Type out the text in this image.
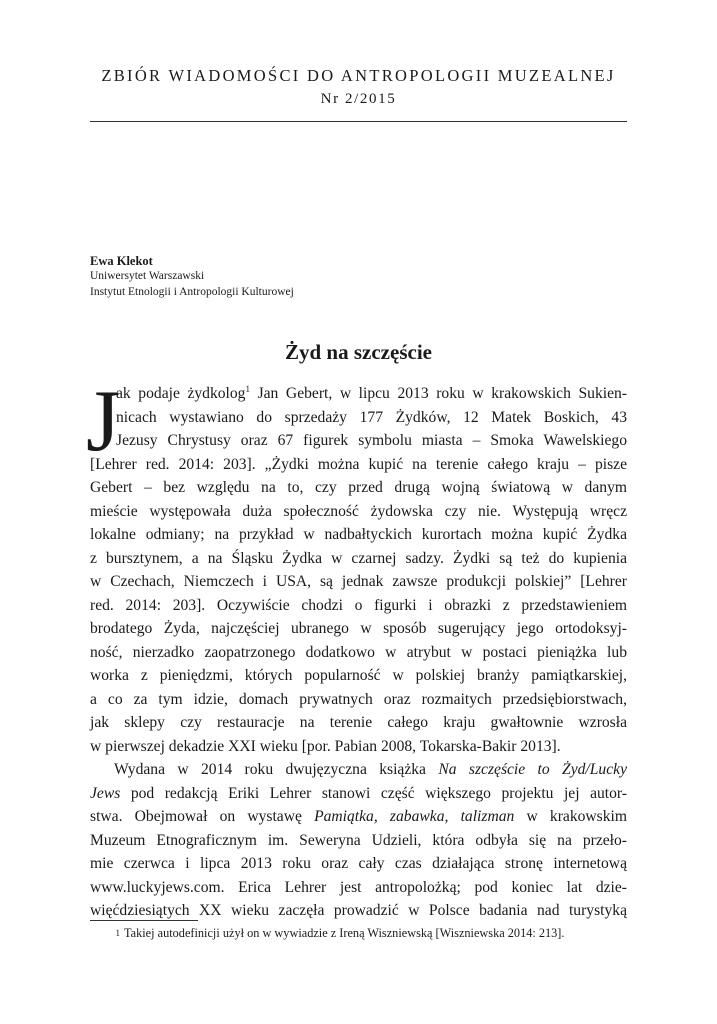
ZBIÓR WIADOMOŚCI DO ANTROPOLOGII MUZEALNEJ
Nr 2/2015
Ewa Klekot
Uniwersytet Warszawski
Instytut Etnologii i Antropologii Kulturowej
Żyd na szczęście
J
ak podaje żydkolog$^1$ Jan Gebert, w lipcu 2013 roku w krakowskich Sukien-
nicach wystawiano do sprzedaży 177 Żydków, 12 Matek Boskich, 43
Jezusy Chrystusy oraz 67 figurek symbolu miasta – Smoka Wawelskiego
[Lehrer red. 2014: 203]. „Żydki można kupić na terenie całego kraju – pisze
Gebert – bez względu na to, czy przed drugą wojną światową w danym
mieście występowała duża społeczność żydowska czy nie. Występują wręcz
lokalne odmiany; na przykład w nadbałtyckich kurortach można kupić Żydka
z bursztynem, a na Śląsku Żydka w czarnej sadzy. Żydki są też do kupienia
w Czechach, Niemczech i USA, są jednak zawsze produkcji polskiej” [Lehrer
red. 2014: 203]. Oczywiście chodzi o figurki i obrazki z przedstawieniem
brodatego Żyda, najczęściej ubranego w sposób sugerujący jego ortodoksyj-
ność, nierzadko zaopatrzonego dodatkowo w atrybut w postaci pieniążka lub
worka z pieniędzmi, których popularność w polskiej branży pamiątkarskiej,
a co za tym idzie, domach prywatnych oraz rozmaitych przedsiębiorstwach,
jak sklepy czy restauracje na terenie całego kraju gwałtownie wzrosła
w pierwszej dekadzie XXI wieku [por. Pabian 2008, Tokarska-Bakir 2013].
Wydana w 2014 roku dwujęzyczna książka Na szczęście to Żyd/Lucky
Jews pod redakcją Eriki Lehrer stanowi część większego projektu jej autor-
stwa. Obejmował on wystawę Pamiątka, zabawka, talizman w krakowskim
Muzeum Etnograficznym im. Seweryna Udzieli, która odbyła się na przeło-
mie czerwca i lipca 2013 roku oraz cały czas działająca stronę internetową
www.luckyjews.com. Erica Lehrer jest antropolożką; pod koniec lat dzie-
więćdziesiątych XX wieku zaczęła prowadzić w Polsce badania nad turystyką
1 Takiej autodefinicji użył on w wywiadzie z Ireną Wiszniewską [Wiszniewska 2014: 213].
